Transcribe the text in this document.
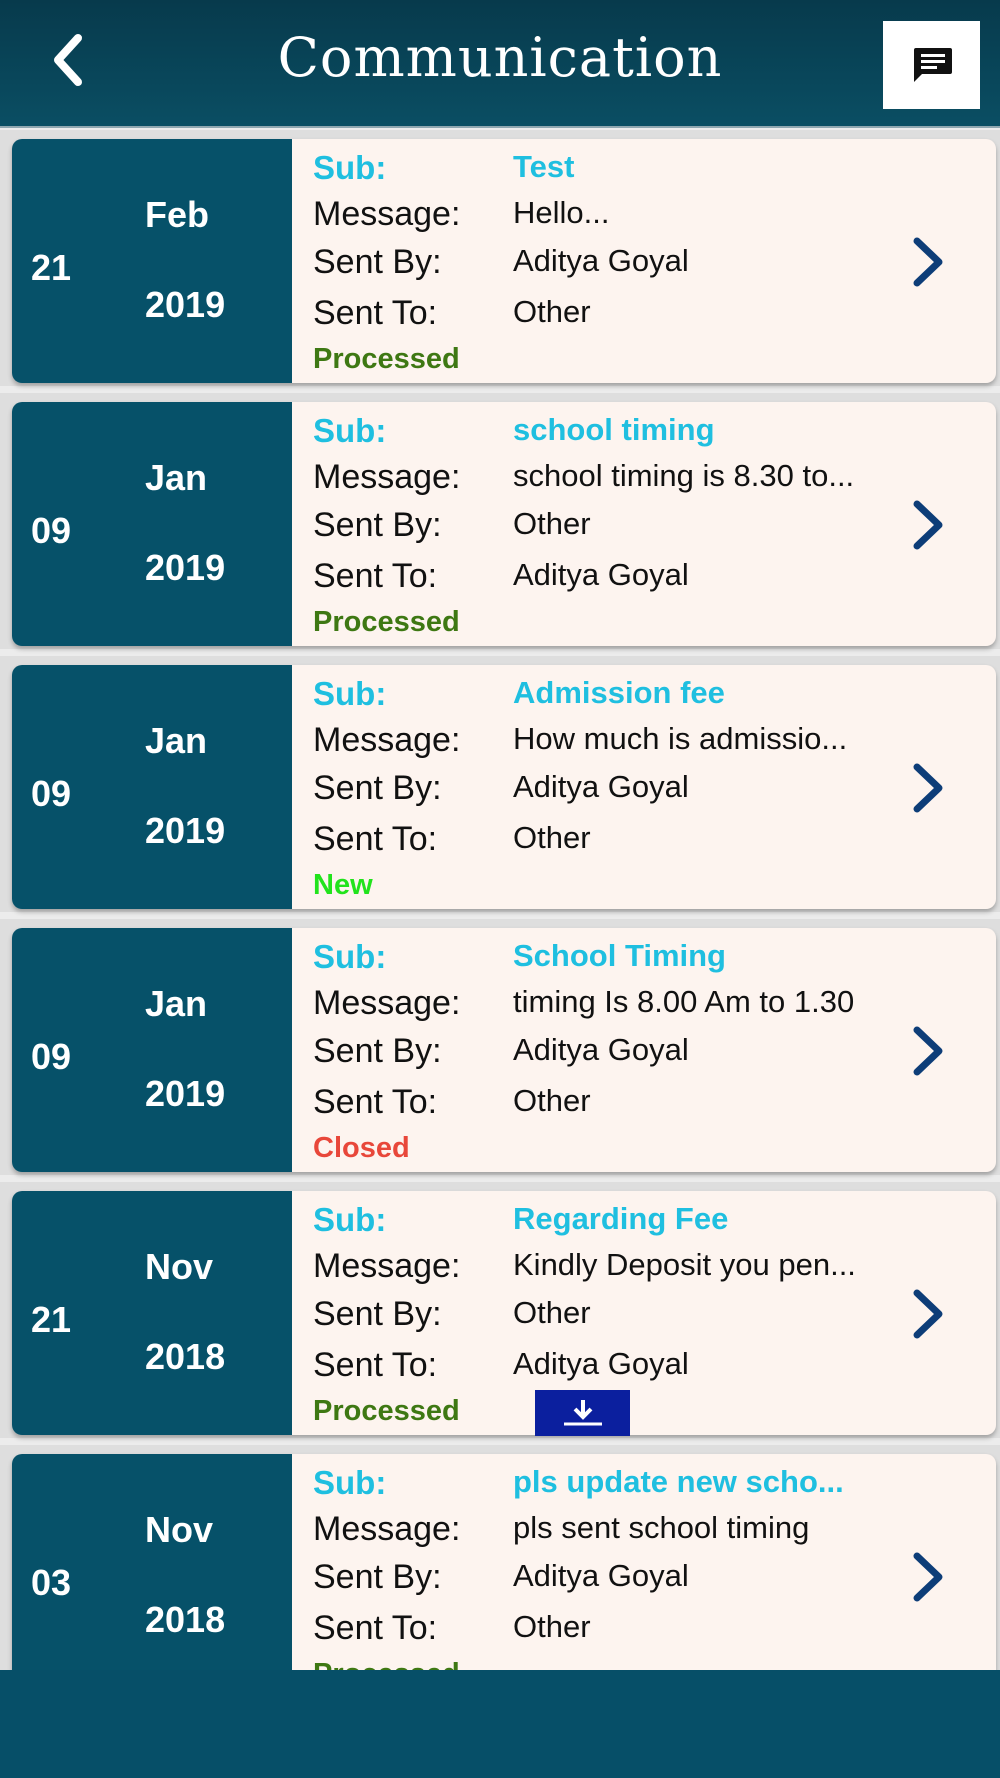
Communication
21
Feb
2019
Sub:	Test
Message: Hello...
Sent By: Aditya Goyal
Sent To: Other
Processed
09
Jan
2019
Sub:	school timing
Message: school timing is 8.30 to...
Sent By: Other
Sent To: Aditya Goyal
Processed
09
Jan
2019
Sub:	Admission fee
Message: How much is admissio...
Sent By: Aditya Goyal
Sent To: Other
New
09
Jan
2019
Sub:	School Timing
Message: timing Is 8.00 Am to 1.30
Sent By: Aditya Goyal
Sent To: Other
Closed
21
Nov
2018
Sub:	Regarding Fee
Message: Kindly Deposit you pen...
Sent By: Other
Sent To: Aditya Goyal
Processed
03
Nov
2018
Sub:	pls update new scho...
Message: pls sent school timing
Sent By: Aditya Goyal
Sent To: Other
